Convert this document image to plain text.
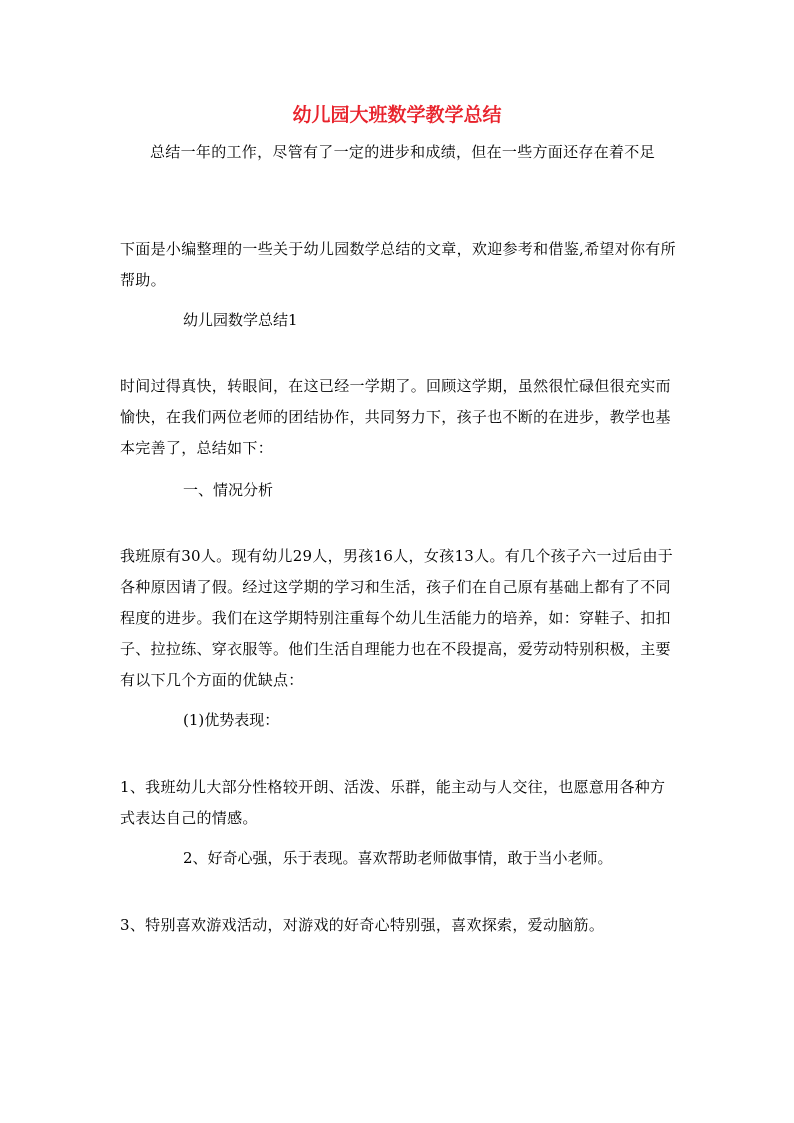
幼儿园大班数学教学总结
总结一年的工作，尽管有了一定的进步和成绩，但在一些方面还存在着不足
下面是小编整理的一些关于幼儿园数学总结的文章，欢迎参考和借鉴,希望对你有所帮助。
幼儿园数学总结1
时间过得真快，转眼间，在这已经一学期了。回顾这学期，虽然很忙碌但很充实而愉快，在我们两位老师的团结协作，共同努力下，孩子也不断的在进步，教学也基本完善了，总结如下：
一、情况分析
我班原有30人。现有幼儿29人，男孩16人，女孩13人。有几个孩子六一过后由于各种原因请了假。经过这学期的学习和生活，孩子们在自己原有基础上都有了不同程度的进步。我们在这学期特别注重每个幼儿生活能力的培养，如：穿鞋子、扣扣子、拉拉练、穿衣服等。他们生活自理能力也在不段提高，爱劳动特别积极，主要有以下几个方面的优缺点：
(1)优势表现：
1、我班幼儿大部分性格较开朗、活泼、乐群，能主动与人交往，也愿意用各种方式表达自己的情感。
2、好奇心强，乐于表现。喜欢帮助老师做事情，敢于当小老师。
3、特别喜欢游戏活动，对游戏的好奇心特别强，喜欢探索，爱动脑筋。
